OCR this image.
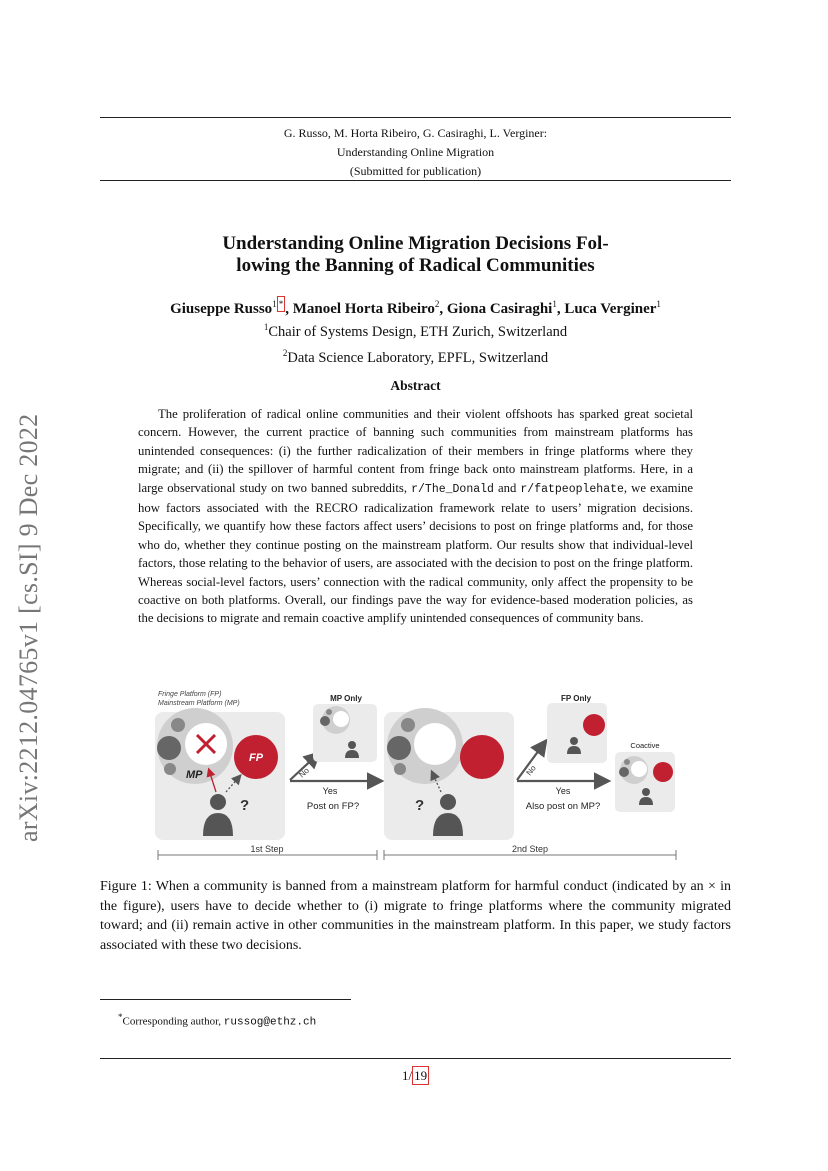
G. Russo, M. Horta Ribeiro, G. Casiraghi, L. Verginer:
Understanding Online Migration
(Submitted for publication)
arXiv:2212.04765v1 [cs.SI] 9 Dec 2022
Understanding Online Migration Decisions Fol-
lowing the Banning of Radical Communities
Giuseppe Russo$^1$ * , Manoel Horta Ribeiro$^2$, Giona Casiraghi$^1$, Luca Verginer$^1$
$^1$Chair of Systems Design, ETH Zurich, Switzerland
$^2$Data Science Laboratory, EPFL, Switzerland
Abstract
The proliferation of radical online communities and their violent offshoots has sparked great societal concern. However, the current practice of banning such communities from mainstream platforms has unintended consequences: (i) the further radicalization of their members in fringe platforms where they migrate; and (ii) the spillover of harmful content from fringe back onto mainstream platforms. Here, in a large observational study on two banned subreddits, r/The_Donald and r/fatpeoplehate, we examine how factors associated with the RECRO radicalization framework relate to users’ migration decisions. Specifically, we quantify how these factors affect users’ decisions to post on fringe platforms and, for those who do, whether they continue posting on the mainstream platform. Our results show that individual-level factors, those relating to the behavior of users, are associated with the decision to post on the fringe platform. Whereas social-level factors, users’ connection with the radical community, only affect the propensity to be coactive on both platforms. Overall, our findings pave the way for evidence-based moderation policies, as the decisions to migrate and remain coactive amplify unintended consequences of community bans.
Fringe Platform (FP)
Mainstream Platform (MP)
MP
FP
?
No
Yes
Post on FP?
MP Only
?
No
Yes
Also post on MP?
FP Only
Coactive
1st Step	2nd Step
Figure 1: When a community is banned from a mainstream platform for harmful conduct (indicated by an × in the figure), users have to decide whether to (i) migrate to fringe platforms where the community migrated toward; and (ii) remain active in other communities in the mainstream platform. In this paper, we study factors associated with these two decisions.
*Corresponding author, russog@ethz.ch
1/ 19
